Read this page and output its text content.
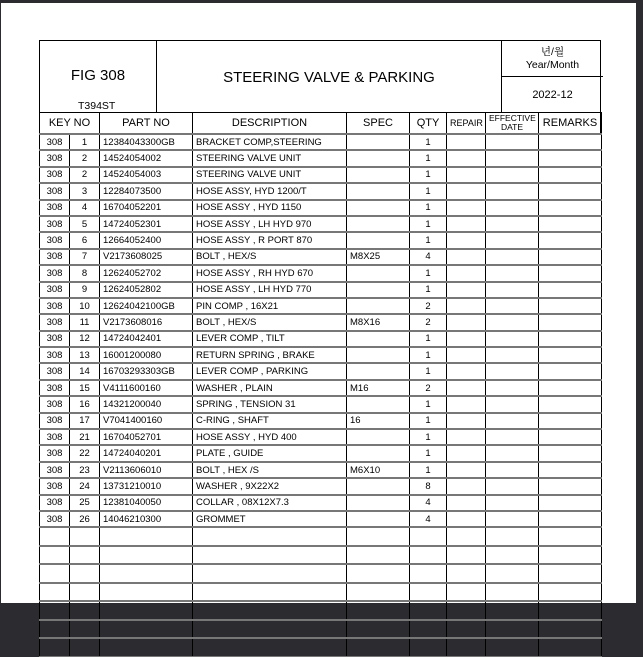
FIG 308
T394ST
STEERING VALVE & PARKING
년/월
Year/Month
2022-12
KEY NO		PART NO	DESCRIPTION	SPEC	QTY	REPAIR	EFFECTIVE DATE	REMARKS
308	1	12384043300GB	BRACKET COMP,STEERING		1			
308	2	14524054002	STEERING VALVE UNIT		1			
308	2	14524054003	STEERING VALVE UNIT		1			
308	3	12284073500	HOSE ASSY, HYD 1200/T		1			
308	4	16704052201	HOSE ASSY , HYD 1150		1			
308	5	14724052301	HOSE ASSY , LH HYD 970		1			
308	6	12664052400	HOSE ASSY , R PORT 870		1			
308	7	V2173608025	BOLT , HEX/S	M8X25	4			
308	8	12624052702	HOSE ASSY , RH HYD 670		1			
308	9	12624052802	HOSE ASSY , LH HYD 770		1			
308	10	12624042100GB	PIN COMP , 16X21		2			
308	11	V2173608016	BOLT , HEX/S	M8X16	2			
308	12	14724042401	LEVER COMP , TILT		1			
308	13	16001200080	RETURN SPRING , BRAKE		1			
308	14	16703293303GB	LEVER COMP , PARKING		1			
308	15	V4111600160	WASHER , PLAIN	M16	2			
308	16	14321200040	SPRING , TENSION 31		1			
308	17	V7041400160	C-RING , SHAFT	16	1			
308	21	16704052701	HOSE ASSY , HYD 400		1			
308	22	14724040201	PLATE , GUIDE		1			
308	23	V2113606010	BOLT , HEX /S	M6X10	1			
308	24	13731210010	WASHER , 9X22X2		8			
308	25	12381040050	COLLAR , 08X12X7.3		4			
308	26	14046210300	GROMMET		4			
